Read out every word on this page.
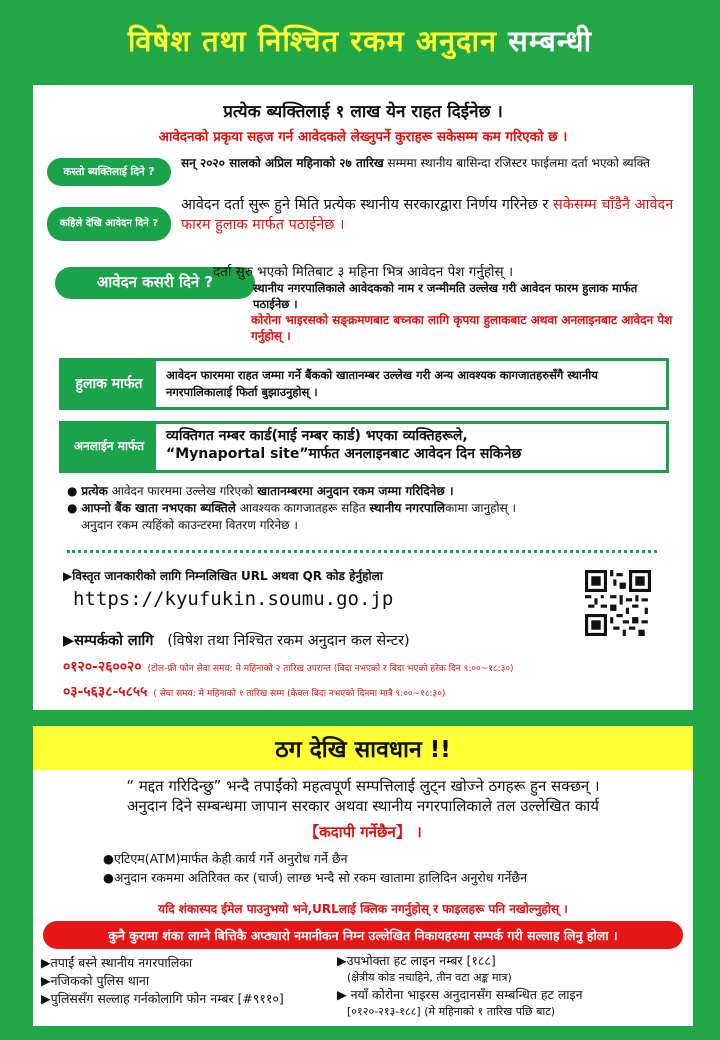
विषेश तथा निश्चित रकम अनुदान सम्बन्धी
प्रत्येक ब्यक्तिलाई १ लाख येन राहत दिईनेछ ।
आवेदनको प्रकृया सहज गर्न आवेदकले लेख्नुपर्ने कुराहरू सकेसम्म कम गरिएको छ ।
कस्तो ब्यक्तिलाई दिने ?
सन् २०२० सालको अप्रिल महिनाको २७ तारिख सम्ममा स्थानीय बासिन्दा रजिस्टर फाईलमा दर्ता भएको ब्यक्ति
कहिले देखि आवेदन दिने ?
आवेदन दर्ता सुरू हुने मिति प्रत्येक स्थानीय सरकारद्वारा निर्णय गरिनेछ र सकेसम्म चाँडैनै आवेदन फारम हुलाक मार्फत पठाईनेछ ।
आवेदन कसरी दिने ?
दर्ता सुरु भएको मितिबाट ३ महिना भित्र आवेदन पेश गर्नुहोस् ।
स्थानीय नगरपालिकाले आवेदककाे नाम र जन्मीमति उल्लेख गरी आवेदन फारम हुलाक मार्फत पठाईनेछ ।
कोरोना भाइरसको सङ्क्रमणबाट बच्नका लागि कृपया हुलाकबाट अथवा अनलाइनबाट आवेदन पेश गर्नुहोस् ।
हुलाक मार्फत
आवेदन फारममा राहत जम्मा गर्ने बैंकको खातानम्बर उल्लेख गरी अन्य आवश्यक कागजातहरुसँगै स्थानीय नगरपालिकालाई फिर्ता बुझाउनुहोस् ।
अनलाईन मार्फत
व्यक्तिगत नम्बर कार्ड(माई नम्बर कार्ड) भएका व्यक्तिहरूले,
“Mynaportal site”मार्फत अनलाइनबाट आवेदन दिन सकिनेछ
● प्रत्येक आवेदन फारममा उल्लेख गरिएको खातानम्बरमा अनुदान रकम जम्मा गरिदिनेछ ।
● आफ्नो बैंक खाता नभएका ब्यक्तिले आवश्यक कागजातहरू सहित स्थानीय नगरपालिकामा जानुहोस् ।
अनुदान रकम त्यहिंको काउन्टरमा वितरण गरिनेछ ।
▶विस्तृत जानकारीको लागि निम्नलिखित URL अथवा QR कोड हेर्नुहोला
https://kyufukin.soumu.go.jp
▶सम्पर्कको लागि (विषेश तथा निश्चित रकम अनुदान कल सेन्टर)
०१२०-२६००२० (टोल-फ्री फोन सेवा समय: मे महिनाको २ तारिख उपरान्त (बिदा नभएको र बिदा भएको हरेक दिन ९:००~१८:३०)
०३-५६३८-५८५५ ( सेवा समय: मे महिनाको १ तारिख सम्म (केवल बिदा नभएको दिनमा मात्रै ९:००~१८:३०)
ठग देखि सावधान !!
“ मद्दत गरिदिन्छु” भन्दै तपाईंको महत्वपूर्ण सम्पत्तिलाई लुट्न खोज्ने ठगहरू हुन सक्छन् ।
अनुदान दिने सम्बन्धमा जापान सरकार अथवा स्थानीय नगरपालिकाले तल उल्लेखित कार्य
【कदापी गर्नेछैन】 ।
●एटिएम(ATM)मार्फत केही कार्य गर्ने अनुरोध गर्ने छैन
●अनुदान रकममा अतिरिक्त कर (चार्ज) लाग्छ भन्दै सो रकम खातामा हालिदिन अनुरोध गर्नेछैन
यदि शंकास्पद ईमेल पाउनुभयो भने,URLलाई क्लिक नगर्नुहोस् र फाइलहरू पनि नखोल्नुहोस् ।
कुनै कुरामा शंका लाग्ने बित्तिकै अप्ठ्यारो नमानीकन निम्न उल्लेखित निकायहरुमा सम्पर्क गरी सल्लाह लिनु होला ।
▶तपाईं बस्ने स्थानीय नगरपालिका
▶नजिकको पुलिस थाना
▶पुलिससँग सल्लाह गर्नकोलागि फोन नम्बर [#९११०]
▶उपभोक्ता हट लाइन नम्बर [१८८]
(क्षेत्रीय कोड नचाहिने, तीन वटा अङ्क मात्र)
▶ नयाँ कोरोना भाइरस अनुदानसँग सम्बन्धित हट लाइन
[०१२०-२१३-१८८] (मे महिनाको १ तारिख पछि बाट)
